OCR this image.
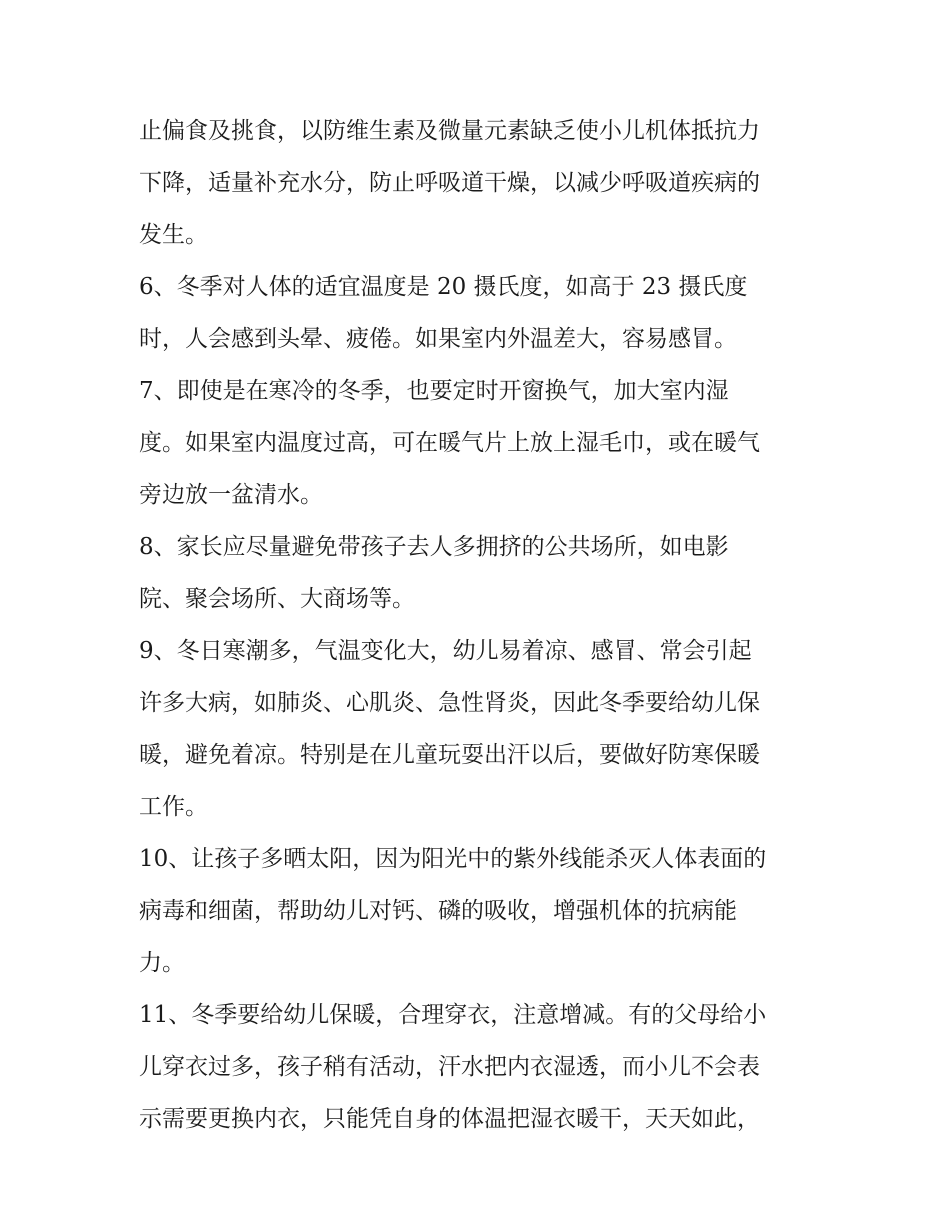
止偏食及挑食，以防维生素及微量元素缺乏使小儿机体抵抗力
下降，适量补充水分，防止呼吸道干燥，以减少呼吸道疾病的
发生。
6、冬季对人体的适宜温度是 20 摄氏度，如高于 23 摄氏度
时，人会感到头晕、疲倦。如果室内外温差大，容易感冒。
7、即使是在寒冷的冬季，也要定时开窗换气，加大室内湿
度。如果室内温度过高，可在暖气片上放上湿毛巾，或在暖气
旁边放一盆清水。
8、家长应尽量避免带孩子去人多拥挤的公共场所，如电影
院、聚会场所、大商场等。
9、冬日寒潮多，气温变化大，幼儿易着凉、感冒、常会引起
许多大病，如肺炎、心肌炎、急性肾炎，因此冬季要给幼儿保
暖，避免着凉。特别是在儿童玩耍出汗以后，要做好防寒保暖
工作。
10、让孩子多晒太阳，因为阳光中的紫外线能杀灭人体表面的
病毒和细菌，帮助幼儿对钙、磷的吸收，增强机体的抗病能
力。
11、冬季要给幼儿保暖，合理穿衣，注意增减。有的父母给小
儿穿衣过多，孩子稍有活动，汗水把内衣湿透，而小儿不会表
示需要更换内衣，只能凭自身的体温把湿衣暖干，天天如此，
